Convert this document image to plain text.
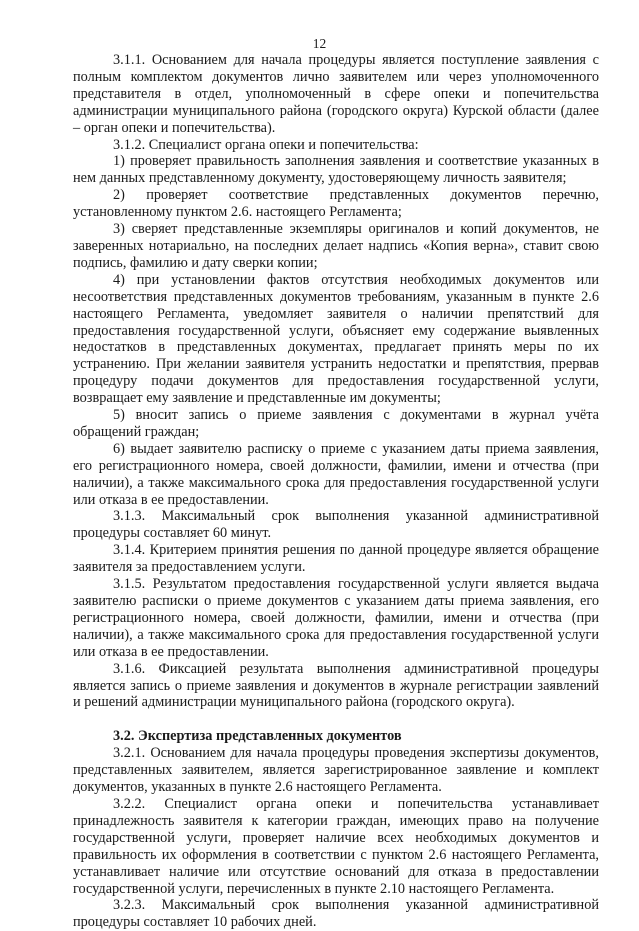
12

3.1.1. Основанием для начала процедуры является поступление заявления с полным комплектом документов лично заявителем или через уполномоченного представителя в отдел, уполномоченный в сфере опеки и попечительства администрации муниципального района (городского округа) Курской области (далее – орган опеки и попечительства).

3.1.2. Специалист органа опеки и попечительства:

1) проверяет правильность заполнения заявления и соответствие указанных в нем данных представленному документу, удостоверяющему личность заявителя;

2) проверяет соответствие представленных документов перечню, установленному пунктом 2.6. настоящего Регламента;

3) сверяет представленные экземпляры оригиналов и копий документов, не заверенных нотариально, на последних делает надпись «Копия верна», ставит свою подпись, фамилию и дату сверки копии;

4) при установлении фактов отсутствия необходимых документов или несоответствия представленных документов требованиям, указанным в пункте 2.6 настоящего Регламента, уведомляет заявителя о наличии препятствий для предоставления государственной услуги, объясняет ему содержание выявленных недостатков в представленных документах, предлагает принять меры по их устранению. При желании заявителя устранить недостатки и препятствия, прервав процедуру подачи документов для предоставления государственной услуги, возвращает ему заявление и представленные им документы;

5) вносит запись о приеме заявления с документами в журнал учёта обращений граждан;

6) выдает заявителю расписку о приеме с указанием даты приема заявления, его регистрационного номера, своей должности, фамилии, имени и отчества (при наличии), а также максимального срока для предоставления государственной услуги или отказа в ее предоставлении.

3.1.3. Максимальный срок выполнения указанной административной процедуры составляет 60 минут.

3.1.4. Критерием принятия решения по данной процедуре является обращение заявителя за предоставлением услуги.

3.1.5. Результатом предоставления государственной услуги является выдача заявителю расписки о приеме документов с указанием даты приема заявления, его регистрационного номера, своей должности, фамилии, имени и отчества (при наличии), а также максимального срока для предоставления государственной услуги или отказа в ее предоставлении.

3.1.6. Фиксацией результата выполнения административной процедуры является запись о приеме заявления и документов в журнале регистрации заявлений и решений администрации муниципального района (городского округа).

3.2. Экспертиза представленных документов

3.2.1. Основанием для начала процедуры проведения экспертизы документов, представленных заявителем, является зарегистрированное заявление и комплект документов, указанных в пункте 2.6 настоящего Регламента.

3.2.2. Специалист органа опеки и попечительства устанавливает принадлежность заявителя к категории граждан, имеющих право на получение государственной услуги, проверяет наличие всех необходимых документов и правильность их оформления в соответствии с пунктом 2.6 настоящего Регламента, устанавливает наличие или отсутствие оснований для отказа в предоставлении государственной услуги, перечисленных в пункте 2.10 настоящего Регламента.

3.2.3. Максимальный срок выполнения указанной административной процедуры составляет 10 рабочих дней.
